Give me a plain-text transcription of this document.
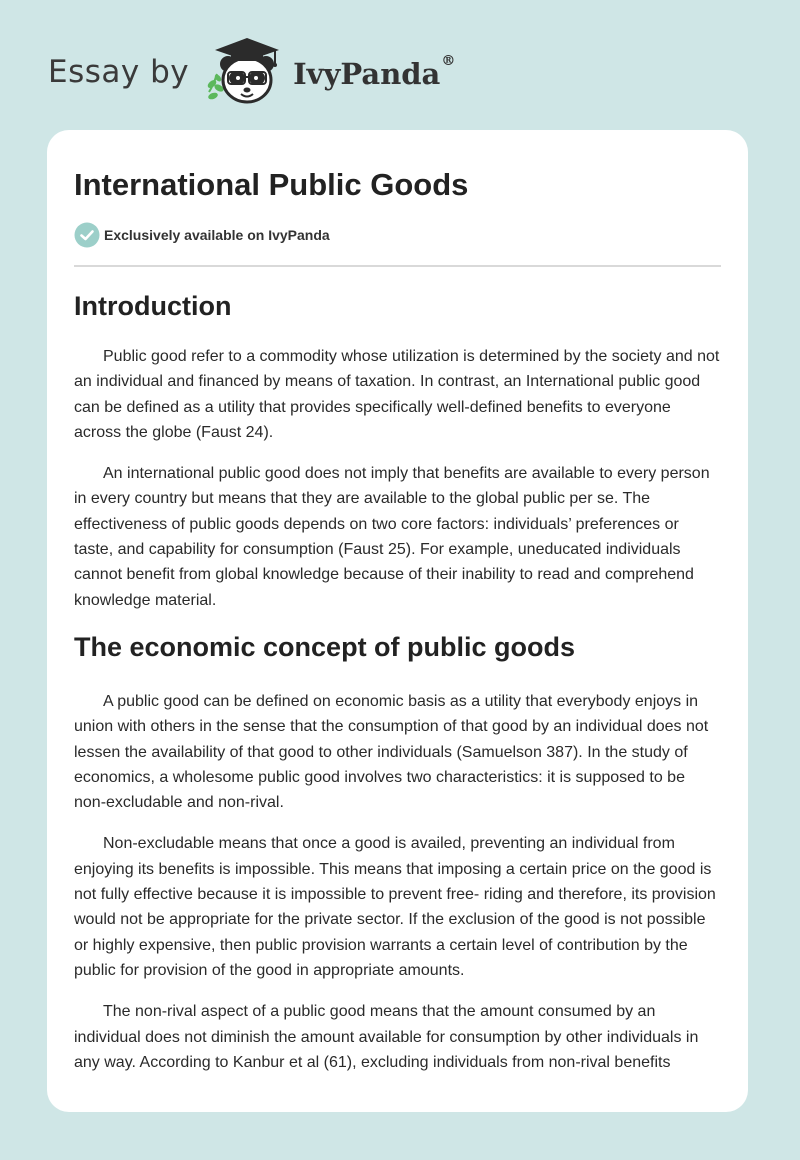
Essay by	IvyPanda®
International Public Goods
Exclusively available on IvyPanda
Introduction

Public good refer to a commodity whose utilization is determined by the society and not an individual and financed by means of taxation. In contrast, an International public good can be defined as a utility that provides specifically well-defined benefits to everyone across the globe (Faust 24).

An international public good does not imply that benefits are available to every person in every country but means that they are available to the global public per se. The effectiveness of public goods depends on two core factors: individuals’ preferences or taste, and capability for consumption (Faust 25). For example, uneducated individuals cannot benefit from global knowledge because of their inability to read and comprehend knowledge material.

The economic concept of public goods

A public good can be defined on economic basis as a utility that everybody enjoys in union with others in the sense that the consumption of that good by an individual does not lessen the availability of that good to other individuals (Samuelson 387). In the study of economics, a wholesome public good involves two characteristics: it is supposed to be non-excludable and non-rival.

Non-excludable means that once a good is availed, preventing an individual from enjoying its benefits is impossible. This means that imposing a certain price on the good is not fully effective because it is impossible to prevent free- riding and therefore, its provision would not be appropriate for the private sector. If the exclusion of the good is not possible or highly expensive, then public provision warrants a certain level of contribution by the public for provision of the good in appropriate amounts.

The non-rival aspect of a public good means that the amount consumed by an individual does not diminish the amount available for consumption by other individuals in any way. According to Kanbur et al (61), excluding individuals from non-rival benefits
